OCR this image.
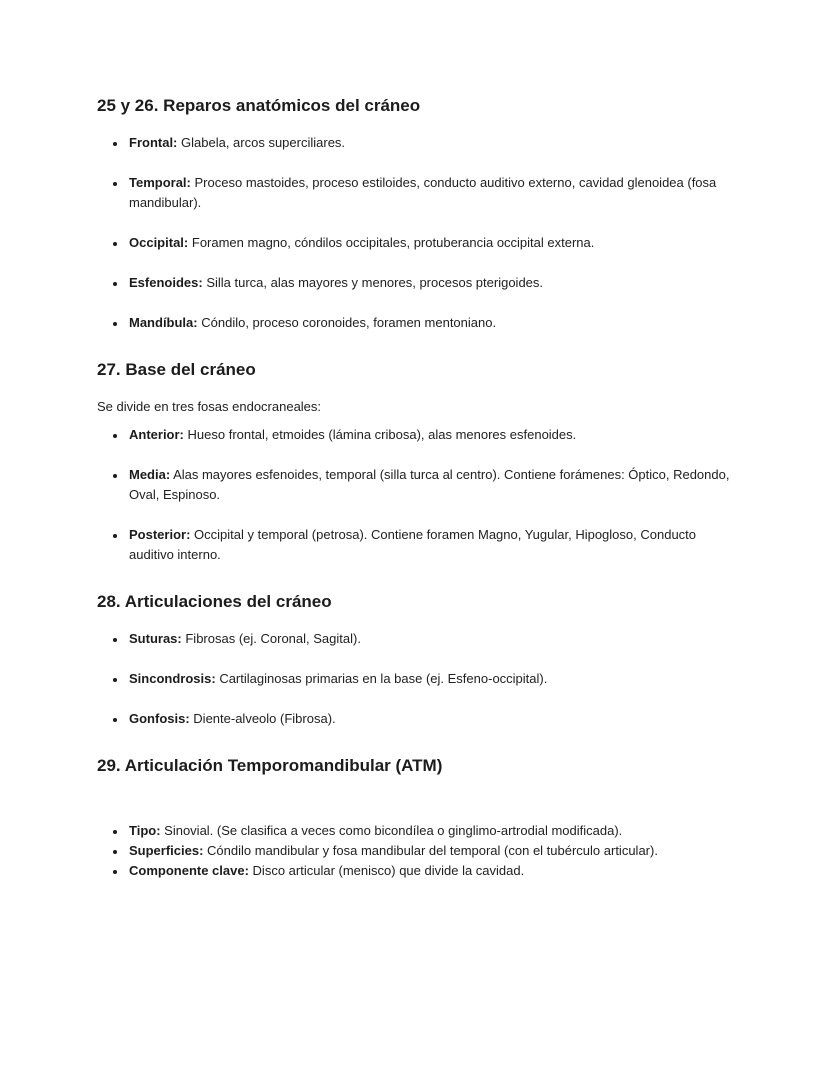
25 y 26. Reparos anatómicos del cráneo
• Frontal: Glabela, arcos superciliares.
• Temporal: Proceso mastoides, proceso estiloides, conducto auditivo externo, cavidad glenoidea (fosa mandibular).
• Occipital: Foramen magno, cóndilos occipitales, protuberancia occipital externa.
• Esfenoides: Silla turca, alas mayores y menores, procesos pterigoides.
• Mandíbula: Cóndilo, proceso coronoides, foramen mentoniano.
27. Base del cráneo

Se divide en tres fosas endocraneales:

• Anterior: Hueso frontal, etmoides (lámina cribosa), alas menores esfenoides.
• Media: Alas mayores esfenoides, temporal (silla turca al centro). Contiene forámenes: Óptico, Redondo, Oval, Espinoso.
• Posterior: Occipital y temporal (petrosa). Contiene foramen Magno, Yugular, Hipogloso, Conducto auditivo interno.
28. Articulaciones del cráneo
• Suturas: Fibrosas (ej. Coronal, Sagital).
• Sincondrosis: Cartilaginosas primarias en la base (ej. Esfeno-occipital).
• Gonfosis: Diente-alveolo (Fibrosa).
29. Articulación Temporomandibular (ATM)
• Tipo: Sinovial. (Se clasifica a veces como bicondílea o ginglimo-artrodial modificada).
• Superficies: Cóndilo mandibular y fosa mandibular del temporal (con el tubérculo articular).
• Componente clave: Disco articular (menisco) que divide la cavidad.
